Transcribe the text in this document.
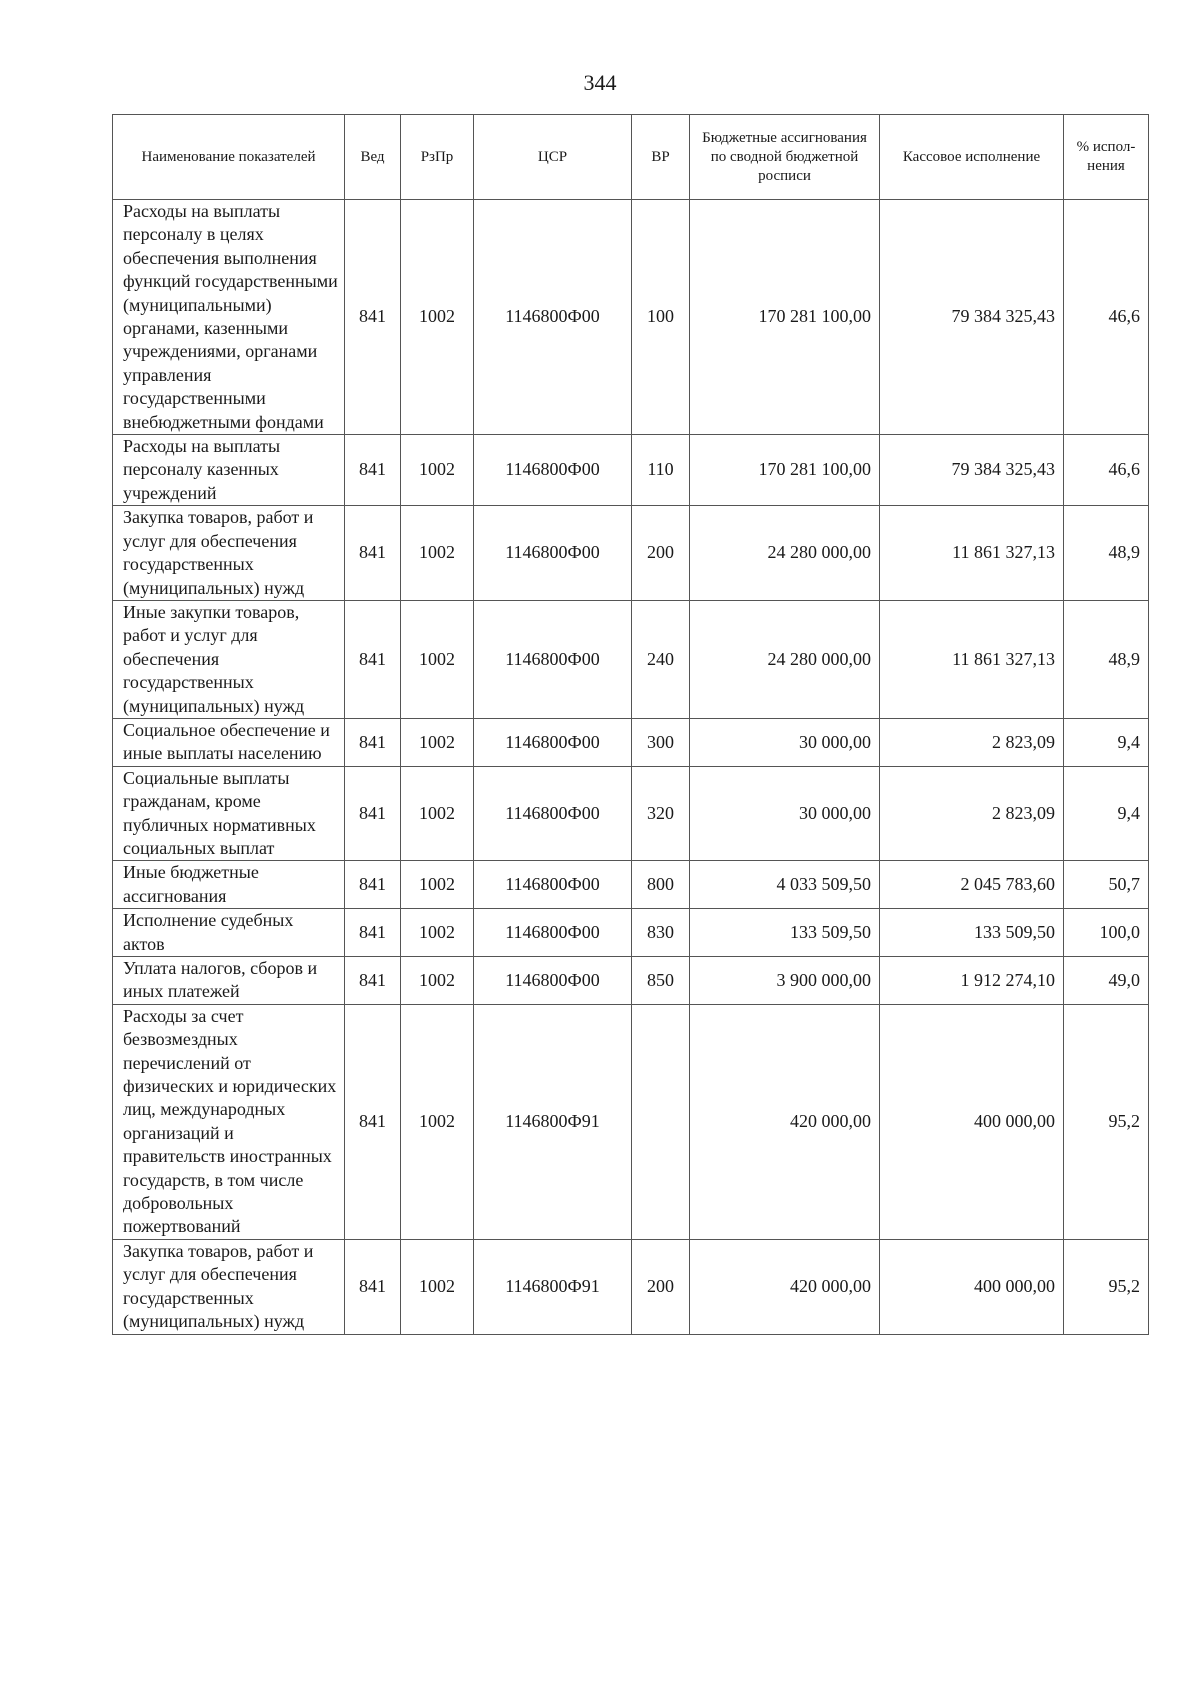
344
Наименование показателей	Вед	РзПр	ЦСР	ВР	Бюджетные ассигнования по сводной бюджетной росписи	Кассовое исполнение	% испол-нения
Расходы на выплаты персоналу в целях обеспечения выполнения функций государственными (муниципальными) органами, казенными учреждениями, органами управления государственными внебюджетными фондами	841	1002	1146800Ф00	100	170 281 100,00	79 384 325,43	46,6
Расходы на выплаты персоналу казенных учреждений	841	1002	1146800Ф00	110	170 281 100,00	79 384 325,43	46,6
Закупка товаров, работ и услуг для обеспечения государственных (муниципальных) нужд	841	1002	1146800Ф00	200	24 280 000,00	11 861 327,13	48,9
Иные закупки товаров, работ и услуг для обеспечения государственных (муниципальных) нужд	841	1002	1146800Ф00	240	24 280 000,00	11 861 327,13	48,9
Социальное обеспечение и иные выплаты населению	841	1002	1146800Ф00	300	30 000,00	2 823,09	9,4
Социальные выплаты гражданам, кроме публичных нормативных социальных выплат	841	1002	1146800Ф00	320	30 000,00	2 823,09	9,4
Иные бюджетные ассигнования	841	1002	1146800Ф00	800	4 033 509,50	2 045 783,60	50,7
Исполнение судебных актов	841	1002	1146800Ф00	830	133 509,50	133 509,50	100,0
Уплата налогов, сборов и иных платежей	841	1002	1146800Ф00	850	3 900 000,00	1 912 274,10	49,0
Расходы за счет безвозмездных перечислений от физических и юридических лиц, международных организаций и правительств иностранных государств, в том числе добровольных пожертвований	841	1002	1146800Ф91		420 000,00	400 000,00	95,2
Закупка товаров, работ и услуг для обеспечения государственных (муниципальных) нужд	841	1002	1146800Ф91	200	420 000,00	400 000,00	95,2
